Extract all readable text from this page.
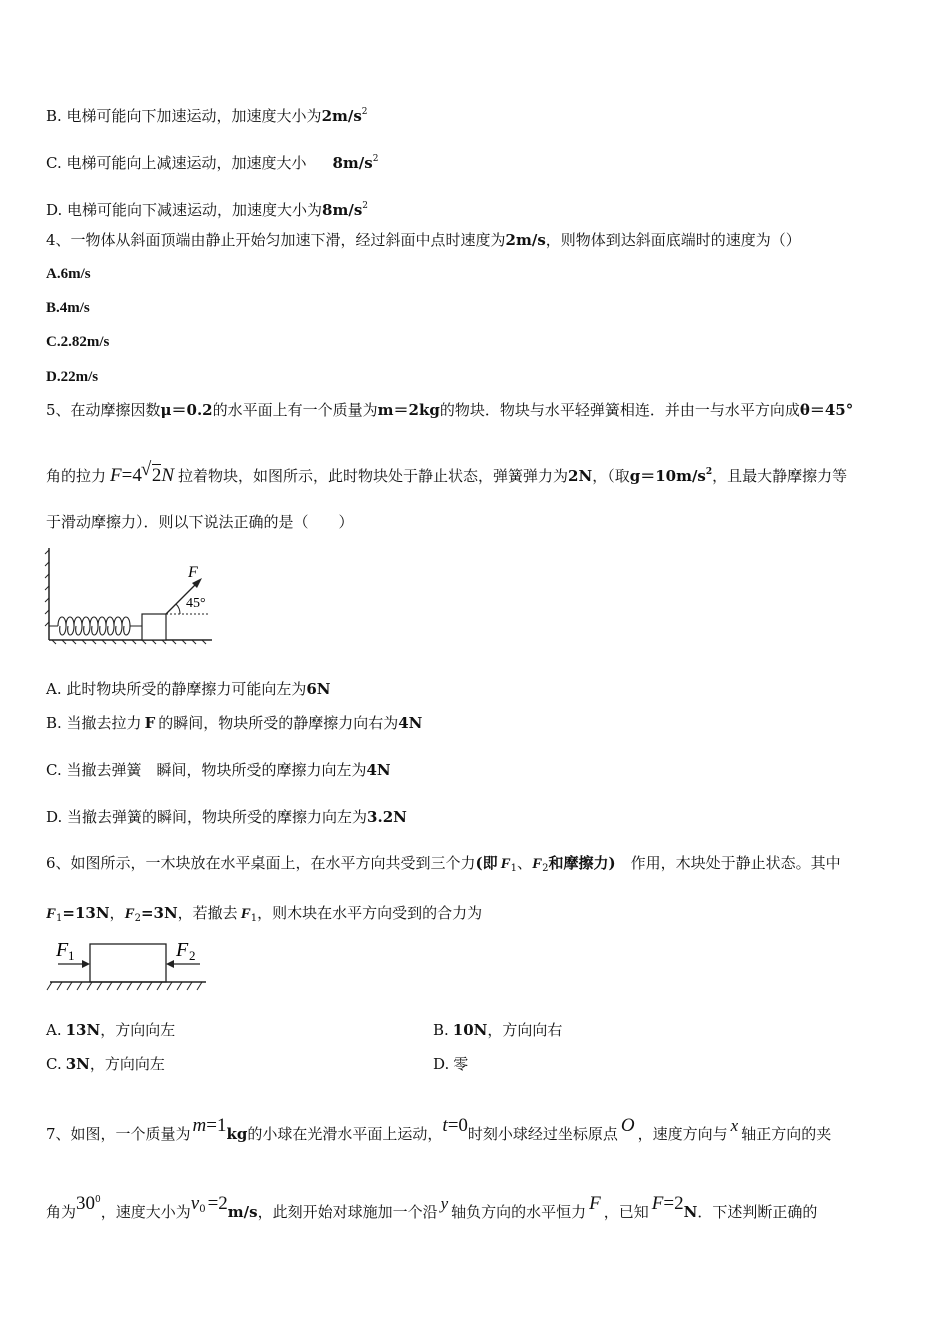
B. 电梯可能向下加速运动，加速度大小为$2m/s^2$
C. 电梯可能向上减速运动，加速度大小 $8m/s^2$
D. 电梯可能向下减速运动，加速度大小为$8m/s^2$
4、一物体从斜面顶端由静止开始匀加速下滑，经过斜面中点时速度为2m/s，则物体到达斜面底端时的速度为（）
A.6m/s
B.4m/s
C.2.82m/s
D.22m/s
5、在动摩擦因数μ＝0.2的水平面上有一个质量为m＝2kg的物块．物块与水平轻弹簧相连．并由一与水平方向成θ＝45°
角的拉力 F=4 √ 2N 拉着物块，如图所示，此时物块处于静止状态，弹簧弹力为2N，（取$g=10m/s^2$，且最大静摩擦力等
于滑动摩擦力）．则以下说法正确的是（　　）
F
45°
A. 此时物块所受的静摩擦力可能向左为6N
B. 当撤去拉力 F 的瞬间，物块所受的静摩擦力向右为4N
C. 当撤去弹簧　瞬间，物块所受的摩擦力向左为4N
D. 当撤去弹簧的瞬间，物块所受的摩擦力向左为3.2N
6、如图所示，一木块放在水平桌面上，在水平方向共受到三个力(即 $F_1$、$F_2$和摩擦力)　作用，木块处于静止状态。其中
$F_1=13N$，$F_2=3N$，若撤去 $F_1$，则木块在水平方向受到的合力为
F 1	F 2
A. 13N，方向向左	B. 10N，方向向右
C. 3N，方向向左	D. 零
7、如图，一个质量为 m=1kg的小球在光滑水平面上运动，t=0时刻小球经过坐标原点 O ，速度方向与 x 轴正方向的夹
角为$30^0$，速度大小为$v_0 =2m/s$，此刻开始对球施加一个沿 y 轴负方向的水平恒力 F ，已知 F=2N．下述判断正确的
